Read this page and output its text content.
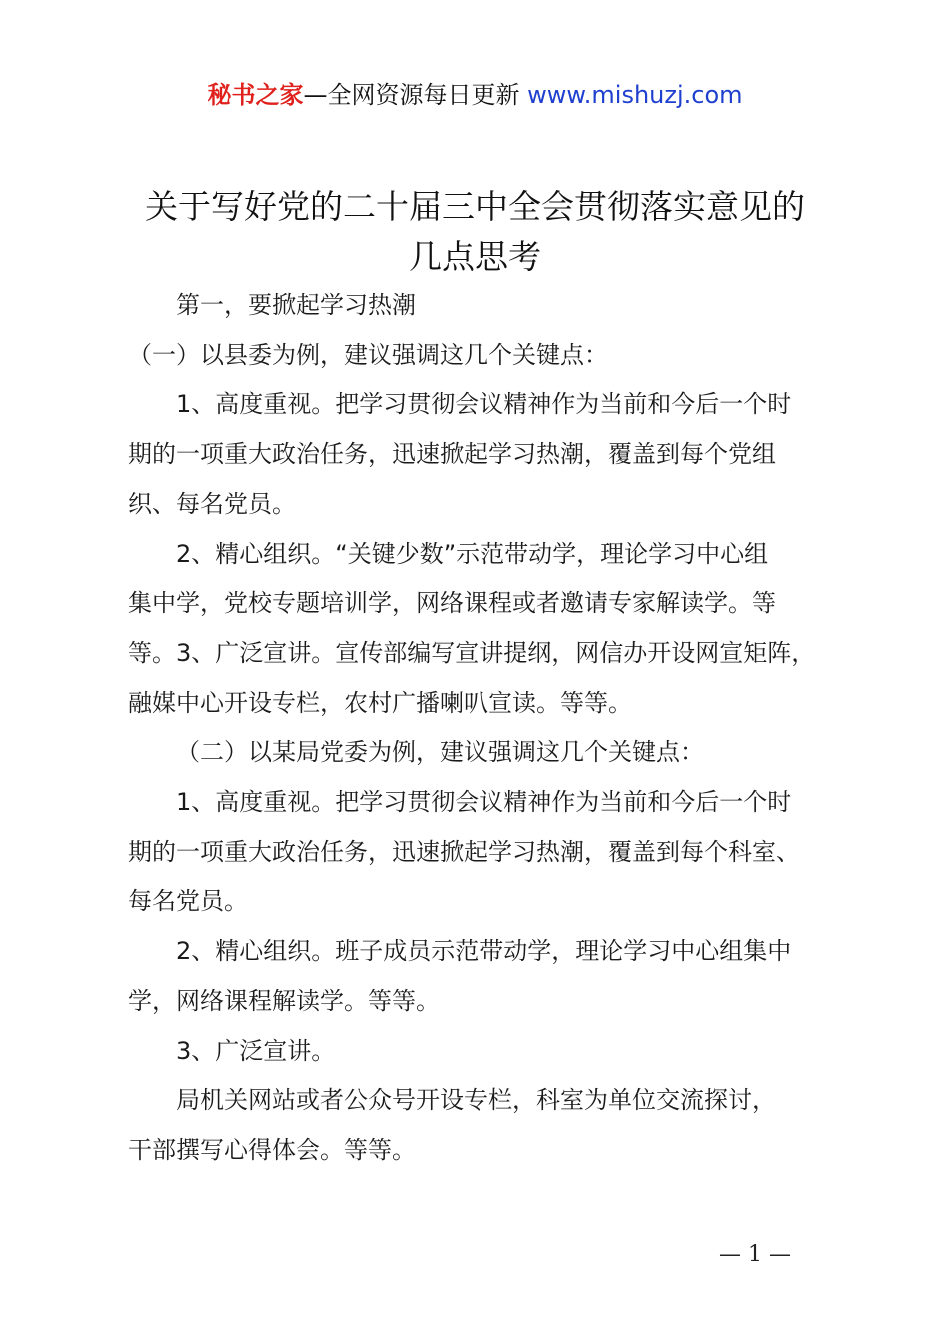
秘书之家—全网资源每日更新 www.mishuzj.com
关于写好党的二十届三中全会贯彻落实意见的
几点思考

第一，要掀起学习热潮

（一）以县委为例，建议强调这几个关键点：

1、高度重视。把学习贯彻会议精神作为当前和今后一个时
期的一项重大政治任务，迅速掀起学习热潮，覆盖到每个党组
织、每名党员。

2、精心组织。“关键少数”示范带动学，理论学习中心组
集中学，党校专题培训学，网络课程或者邀请专家解读学。等
等。3、广泛宣讲。宣传部编写宣讲提纲，网信办开设网宣矩阵，
融媒中心开设专栏，农村广播喇叭宣读。等等。

（二）以某局党委为例，建议强调这几个关键点：

1、高度重视。把学习贯彻会议精神作为当前和今后一个时
期的一项重大政治任务，迅速掀起学习热潮，覆盖到每个科室、
每名党员。

2、精心组织。班子成员示范带动学，理论学习中心组集中
学，网络课程解读学。等等。

3、广泛宣讲。

局机关网站或者公众号开设专栏，科室为单位交流探讨，
干部撰写心得体会。等等。

— 1 —
